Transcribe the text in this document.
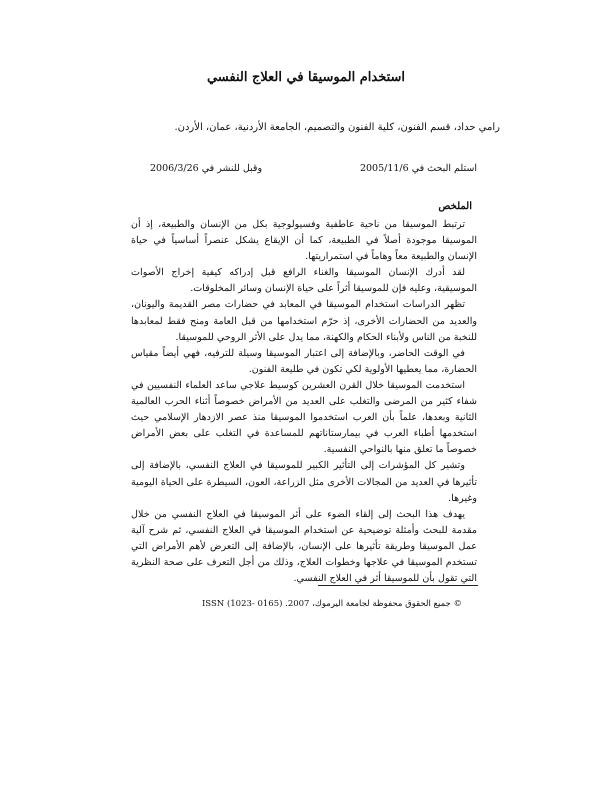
استخدام الموسيقا في العلاج النفسي
رامي حداد، قسم الفنون، كلية الفنون والتصميم، الجامعة الأردنية، عمان، الأردن.
استلم البحث في 2005/11/6
وقبل للنشر في 2006/3/26
الملخص

ترتبط الموسيقا من ناحية عاطفية وفسيولوجية بكل من الإنسان والطبيعة، إذ أن الموسيقا موجودة أصلاً في الطبيعة، كما أن الإيقاع يشكل عنصراً أساسياً في حياة الإنسان والطبيعة معاً وهاماً في استمراريتها.

لقد أدرك الإنسان الموسيقا والغناء الرافع قبل إدراكه كيفية إخراج الأصوات الموسيقية، وعليه فإن للموسيقا أثراً على حياة الإنسان وسائر المخلوقات.

تظهر الدراسات استخدام الموسيقا في المعابد في حضارات مصر القديمة واليونان، والعديد من الحضارات الأخرى، إذ حرّم استخدامها من قبل العامة ومنح فقط لمعابدها للنخبة من الناس ولأبناء الحكام والكهنة، مما يدل على الأثر الروحي للموسيقا.

في الوقت الحاضر، وبالإضافة إلى اعتبار الموسيقا وسيلة للترفيه، فهي أيضاً مقياس الحضارة، مما يعطيها الأولوية لكي تكون في طليعة الفنون.

استخدمت الموسيقا خلال القرن العشرين كوسيط علاجي ساعد العلماء النفسيين في شفاء كثير من المرضى والتغلب على العديد من الأمراض خصوصاً أثناء الحرب العالمية الثانية وبعدها، علماً بأن العرب استخدموا الموسيقا منذ عصر الازدهار الإسلامي حيث استخدمها أطباء العرب في بيمارستاناتهم للمساعدة في التغلب على بعض الأمراض خصوصاً ما تعلق منها بالنواحي النفسية.

وتشير كل المؤشرات إلى التأثير الكبير للموسيقا في العلاج النفسي، بالإضافة إلى تأثيرها في العديد من المجالات الأخرى مثل الزراعة، العون، السيطرة على الحياة اليومية وغيرها.

يهدف هذا البحث إلى إلقاء الضوء على أثر الموسيقا في العلاج النفسي من خلال مقدمة للبحث وأمثلة توضيحية عن استخدام الموسيقا في العلاج النفسي، ثم شرح آلية عمل الموسيقا وطريقة تأثيرها على الإنسان، بالإضافة إلى التعرض لأهم الأمراض التي تستخدم الموسيقا في علاجها وخطوات العلاج، وذلك من أجل التعرف على صحة النظرية التي تقول بأن للموسيقا أثر في العلاج النفسي.

© جميع الحقوق محفوظة لجامعة اليرموك، 2007. ISSN (1023- 0165)
